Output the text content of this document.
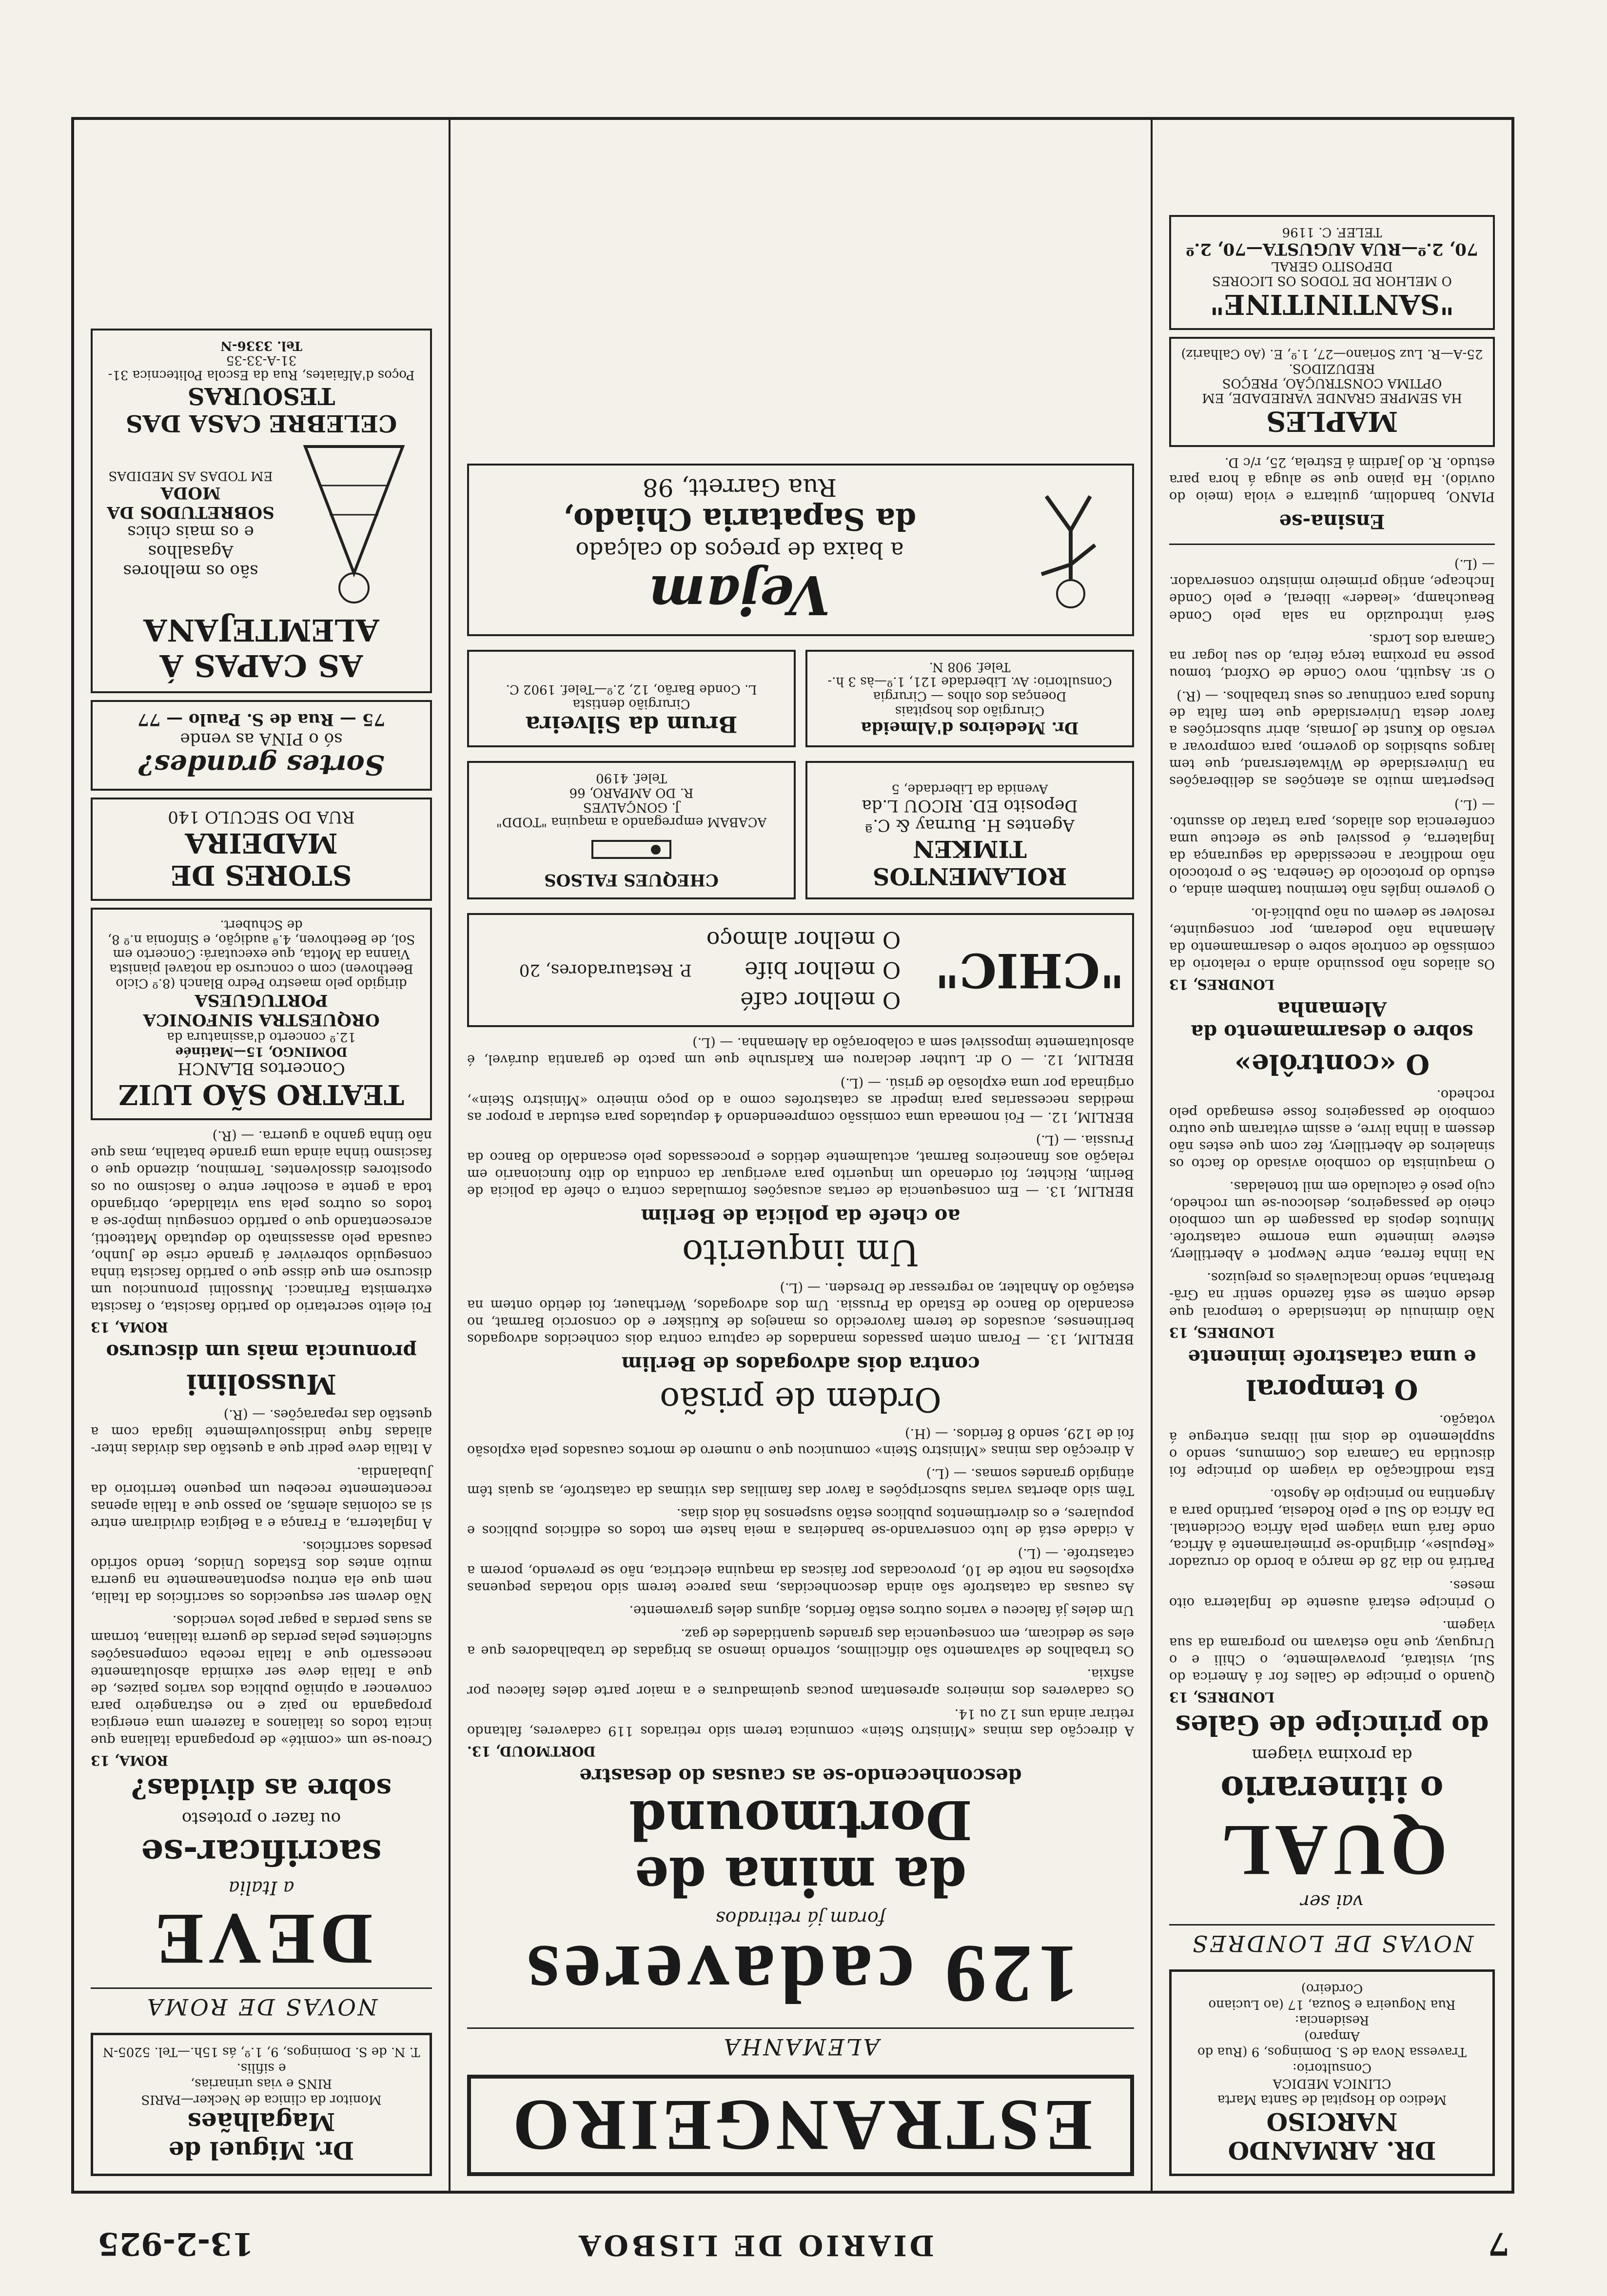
7
DIARIO DE LISBOA
13-2-925
DR. ARMANDO NARCISO
Medico do Hospital de Santa Marta
CLINICA MEDICA
Consultorio:
Travessa Nova de S. Domingos, 9 (Rua do Amparo)
Residencia:
Rua Nogueira e Souza, 17 (ao Luciano Cordeiro)
NOVAS DE LONDRES
vai ser
QUAL
o itinerario
da proxima viagem
do principe de Gales
LONDRES, 13

Quando o principe de Galles for á America do Sul, visitará, provavelmente, o Chili e o Uruguay, que não estavam no programa da sua viagem.

O principe estará ausente de Inglaterra oito meses.

Partirá no dia 28 de março a bordo do cruzador «Repulse», dirigindo-se primeiramente á Africa, onde fará uma viagem pela Africa Occidental. Da Africa do Sul e pelo Rodesia, partindo para a Argentina no principio de Agosto.

Esta modificação da viagem do principe foi discutida na Camara dos Communs, sendo o supplemento de dois mil libras entregue á votação.

O temporal
e uma catastrofe iminente
LONDRES, 13

Não diminuiu de intensidade o temporal que desde ontem se está fazendo sentir na Grã-Bretanha, sendo incalculaveis os prejuizos.

Na linha ferrea, entre Newport e Abertillery, esteve iminente uma enorme catastrofe. Minutos depois da passagem de um comboio cheio de passageiros, deslocou-se um rochedo, cujo peso é calculado em mil toneladas.

O maquinista do comboio avisado do facto os sinaleiros de Abertillery, fez com que estes não dessem a linha livre, e assim evitaram que outro comboio de passageiros fosse esmagado pelo rochedo.

O «contrôle»
sobre o desarmamento da Alemanha
LONDRES, 13

Os aliados não possuindo ainda o relatorio da comissão de controle sobre o desarmamento da Alemanha não poderam, por conseguinte, resolver se devem ou não publicá-lo.

O governo inglês não terminou tambem ainda, o estudo do protocolo de Genebra. Se o protocolo não modificar a necessidade da segurança da Inglaterra, é possivel que se efectue uma conferencia dos aliados, para tratar do assunto. — (L.)

Despertam muito as atenções as deliberações na Universidade de Witwatersrand, que tem largos subsidios do governo, para comprovar a versão do Kunst de Jornais, abrir subscrições a favor desta Universidade que tem falta de fundos para continuar os seus trabalhos. — (R.)

O sr. Asquith, novo Conde de Oxford, tomou posse na proxima terça feira, do seu logar na Camara dos Lords.

Será introduzido na sala pelo Conde Beauchamp, «leader» liberal, e pelo Conde Inchcape, antigo primeiro ministro conservador. — (L.)

Ensina-se

PIANO, bandolim, guitarra e viola (meio do ouvido). Ha piano que se aluga á hora para estudo. R. do Jardim á Estrela, 25, r/c D.

MAPLES
HA SEMPRE GRANDE VARIEDADE, EM OPTIMA CONSTRUÇÃO, PREÇOS REDUZIDOS.
25-A—R. Luz Soriano—27, 1.º, E. (Ao Calhariz)
"SANTINITINE"
O MELHOR DE TODOS OS LICORES
DEPOSITO GERAL
70, 2.º—RUA AUGUSTA—70, 2.º
TELEF. C. 1196
ESTRANGEIRO
ALEMANHA
129 cadaveres
foram já retirados
da mina de Dortmound
desconhecendo-se as causas do desastre
DORTMOUD, 13.

A direcção das minas «Ministro Stein» comunica terem sido retirados 119 cadaveres, faltando retirar ainda uns 12 ou 14.

Os cadaveres dos mineiros apresentam poucas queimaduras e a maior parte deles faleceu por asfixia.

Os trabalhos de salvamento são dificilimos, sofrendo imenso as brigadas de trabalhadores que a eles se dedicam, em consequencia das grandes quantidades de gaz.

Um deles já faleceu e varios outros estão feridos, alguns deles gravemente.

As causas da catastrofe são ainda desconhecidas, mas parece terem sido notadas pequenas explosões na noite de 10, provocadas por faiscas da maquina electrica, não se prevendo, porem a catastrofe. — (L.)

A cidade está de luto conservando-se bandeiras a meia haste em todos os edificios publicos e populares, e os divertimentos publicos estão suspensos há dois dias.

Têm sido abertas varias subscripções a favor das familias das vitimas da catastrofe, as quais têm atingido grandes somas. — (L.)

A direcção das minas «Ministro Stein» comunicou que o numero de mortos causados pela explosão foi de 129, sendo 8 feridos. — (H.)

Ordem de prisão
contra dois advogados de Berlim

BERLIM, 13. — Foram ontem passados mandados de captura contra dois conhecidos advogados berlinenses, acusados de terem favorecido os manejos de Kutisker e do consorcio Barmat, no escandalo do Banco de Estado da Prussia. Um dos advogados, Werthauer, foi detido ontem na estação do Anhalter, ao regressar de Dresden. — (L.)

Um inquerito
ao chefe da policia de Berlim

BERLIM, 13. — Em consequencia de certas acusações formuladas contra o chefe da policia de Berlim, Richter, foi ordenado um inquerito para averiguar da conduta do dito funcionario em relação aos financeiros Barmat, actualmente detidos e processados pelo escandalo do Banco da Prussia. — (L.)

BERLIM, 12. — Foi nomeada uma comissão compreendendo 4 deputados para estudar a propor as medidas necessarias para impedir as catastrofes como a do poço mineiro «Ministro Stein», originada por uma explosão de grisú. — (L.)

BERLIM, 12. — O dr. Luther declarou em Karlsruhe que um pacto de garantia durável, é absolutamente impossivel sem a colaboração da Alemanha. — (L.)

"CHIC"
O melhor café
O melhor bife
O melhor almoço
P. Restauradores, 20
ROLAMENTOS TIMKEN
Agentes H. Burnay & C.ª
Deposito ED. RICOU L.da
Avenida da Liberdade, 5
CHEQUES FALSOS
ACABAM empregando a maquina "TODD"
J. GONÇALVES
R. DO AMPARO, 66
Telef. 4190
Dr. Medeiros d'Almeida
Cirurgião dos hospitais
Doenças dos olhos — Cirurgia
Consultorio: Av. Liberdade 121, 1.º—às 3 h.-Telef. 908 N.
Brum da Silveira
Cirurgião dentista
L. Conde Barão, 12, 2.º—Telef. 1902 C.
Vejam
a baixa de preços do calçado
da Sapataria Chiado,
Rua Garrett, 98
Dr. Miguel de Magalhães
Monitor da clinica de Necker—PARIS
RINS e vias urinarias,
e sifilis.
T. N. de S. Domingos, 9, 1.º, ás 15h.—Tel. 5205-N
NOVAS DE ROMA
DEVE
a Italia
sacrificar-se
ou fazer o protesto
sobre as dividas?
ROMA, 13

Creou-se um «comité» de propaganda italiana que incita todos os italianos a fazerem uma energica propaganda no paiz e no estrangeiro para convencer a opinião publica dos varios paizes, de que a Italia deve ser eximida absolutamente necessario que a Italia receba compensações suficientes pelas perdas de guerra italiana, tornam as suas perdas a pagar pelos vencidos.

Não devem ser esquecidos os sacrificios da Italia, nem que ela entrou espontaneamente na guerra muito antes dos Estados Unidos, tendo sofrido pesados sacrificios.

A Inglaterra, a França e a Belgica dividiram entre si as colonias alemãs, ao passo que a Italia apenas recentemente recebeu um pequeno territorio da Jubalandia.

A Italia deve pedir que a questão das dividas inter-aliadas fique indissoluvelmente ligada com a questão das reparações. — (R.)

Mussolini
pronuncia mais um discurso
ROMA, 13

Foi eleito secretario do partido fascista, o fascista extremista Farinacci. Mussolini pronunciou um discurso em que disse que o partido fascista tinha conseguido sobreviver á grande crise de Junho, causada pelo assassinato do deputado Matteotti, acrescentando que o partido conseguiu impôr-se a todos os outros pela sua vitalidade, obrigando toda a gente a escolher entre o fascismo ou os opositores dissolventes. Terminou, dizendo que o fascismo tinha ainda uma grande batalha, mas que não tinha ganho a guerra. — (R.)

TEATRO SÃO LUIZ
Concertos BLANCH
DOMINGO, 15—Matinée
12.º concerto d'assinatura da
ORQUESTRA SINFONICA PORTUGUESA
dirigido pelo maestro Pedro Blanch (8.º Ciclo Beethoven) com o concurso da notavel pianista Vianna da Motta, que executará: Concerto em Sol, de Beethoven, 4.ª audição, e Sinfonia n.º 8, de Schubert.
STORES DE MADEIRA
RUA DO SECULO 140
Sortes grandes?
só o PINA as vende
75 — Rua de S. Paulo — 77
AS CAPAS Á ALEMTEJANA
são os melhores Agasalhos
e os mais chics
SOBRETUDOS DA MODA
EM TODAS AS MEDIDAS
CELEBRE CASA DAS TESOURAS
Poços d'Alfaiates, Rua da Escola Politecnica 31-31-A-33-35
Tel. 3336-N
